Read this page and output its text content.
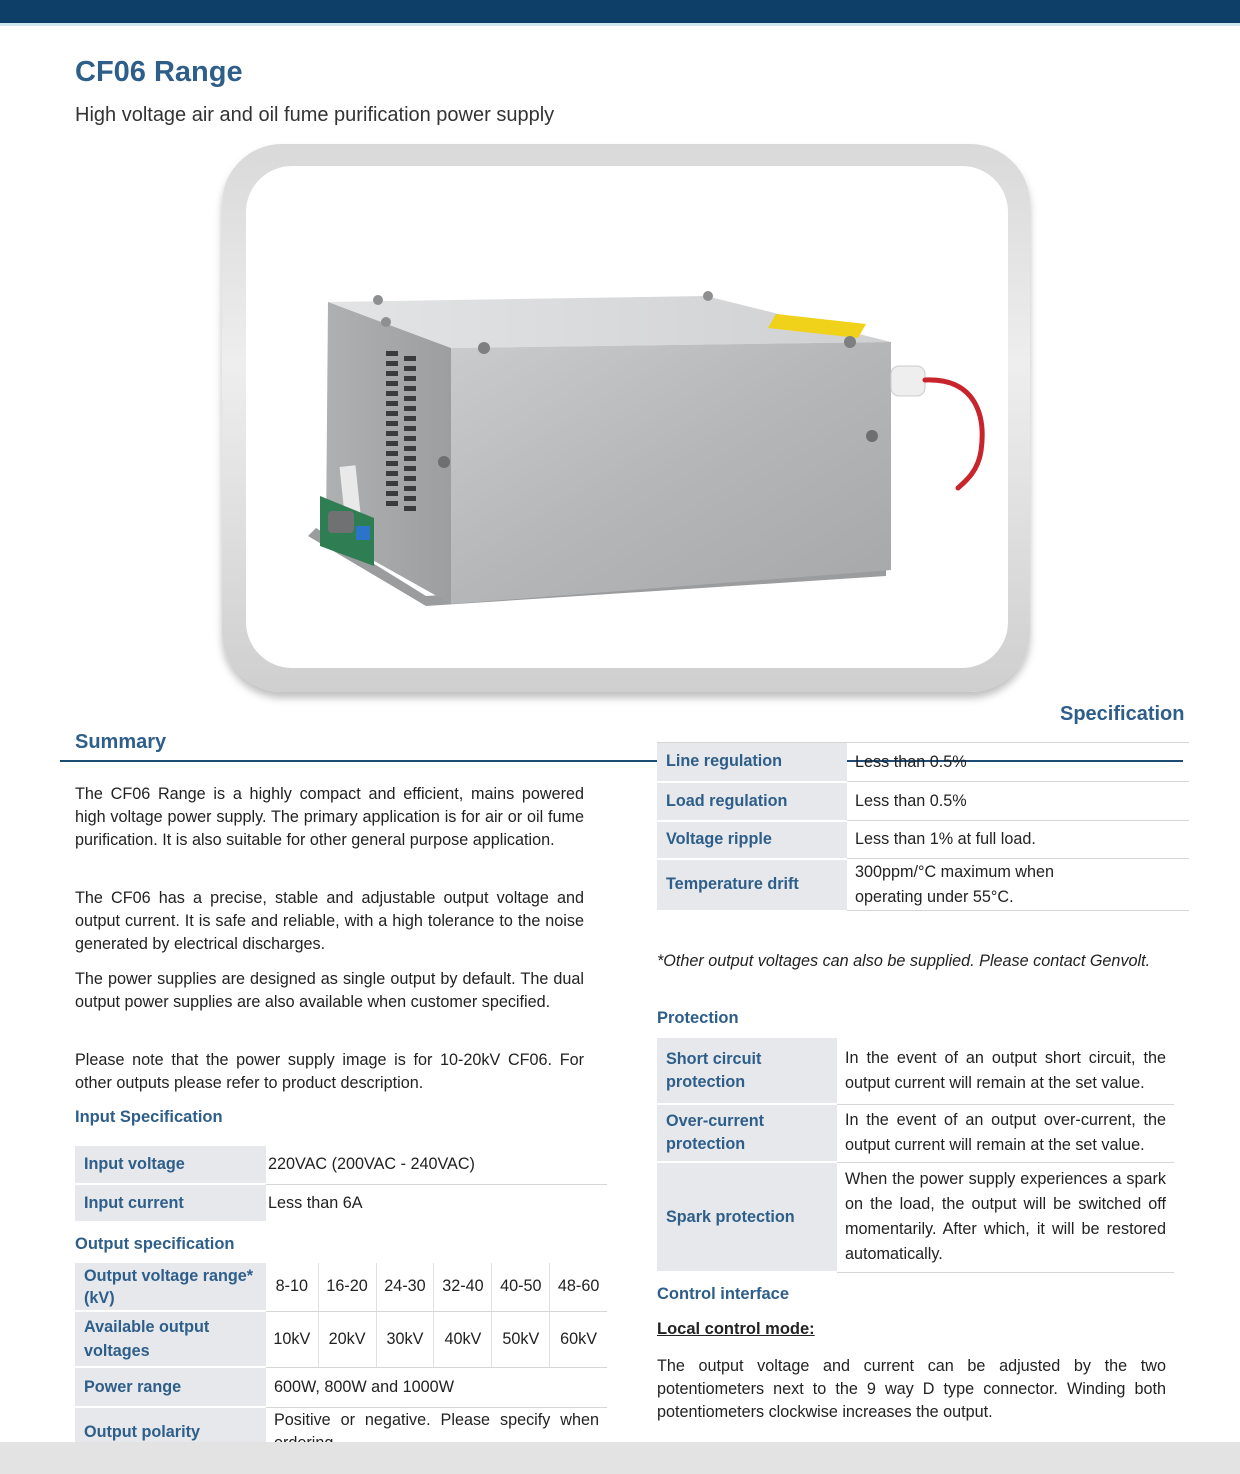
CF06 Range
High voltage air and oil fume purification power supply
Specification
Summary
The CF06 Range is a highly compact and efficient, mains powered high voltage power supply. The primary application is for air or oil fume purification. It is also suitable for other general purpose application.
The CF06 has a precise, stable and adjustable output voltage and output current. It is safe and reliable, with a high tolerance to the noise generated by electrical discharges.
The power supplies are designed as single output by default. The dual output power supplies are also available when customer specified.
Please note that the power supply image is for 10-20kV CF06. For other outputs please refer to product description.
Input Specification
Input voltage	220VAC (200VAC - 240VAC)
Input current	Less than 6A
Output specification
Output voltage range* (kV)	8-10	16-20	24-30	32-40	40-50	48-60
Available output voltages	10kV	20kV	30kV	40kV	50kV	60kV
Power range	600W, 800W and 1000W					
Output polarity	Positive or negative. Please specify when					
Line regulation	Less than 0.5%
Load regulation	Less than 0.5%
Voltage ripple	Less than 1% at full load.
Temperature drift	300ppm/°C maximum when operating under 55°C.
*Other output voltages can also be supplied. Please contact Genvolt.
Protection
Short circuit protection	In the event of an output short circuit, the output current will remain at the set value.
Over-current protection	In the event of an output over-current, the output current will remain at the set value.
Spark protection	When the power supply experiences a spark on the load, the output will be switched off momentarily. After which, it will be restored automatically.
Control interface
Local control mode:
The output voltage and current can be adjusted by the two potentiometers next to the 9 way D type connector. Winding both potentiometers clockwise increases the output.
